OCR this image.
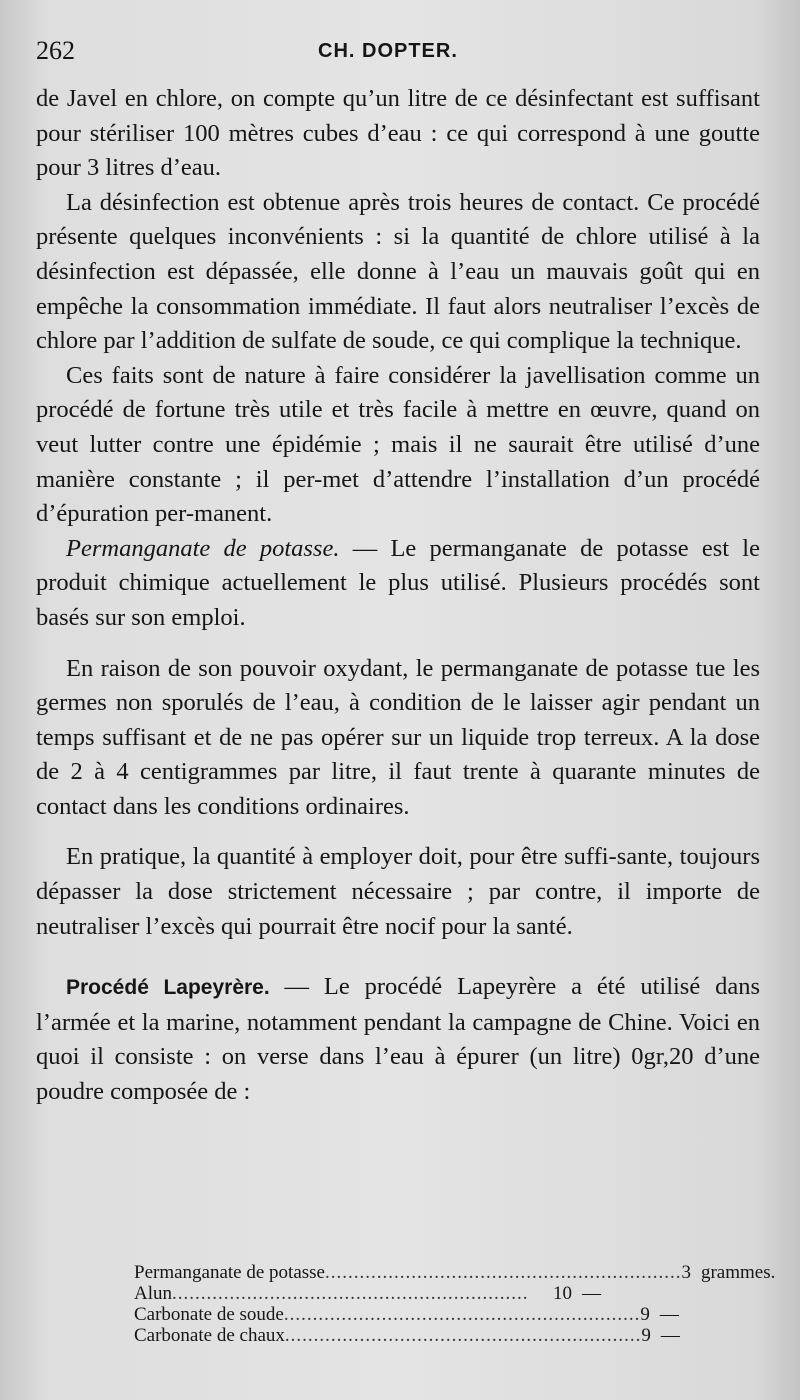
262	CH. DOPTER.

de Javel en chlore, on compte qu’un litre de ce désinfectant est suffisant pour stériliser 100 mètres cubes d’eau : ce qui correspond à une goutte pour 3 litres d’eau.

La désinfection est obtenue après trois heures de contact. Ce procédé présente quelques inconvénients : si la quantité de chlore utilisé à la désinfection est dépassée, elle donne à l’eau un mauvais goût qui en empêche la consommation immédiate. Il faut alors neutraliser l’excès de chlore par l’addition de sulfate de soude, ce qui complique la technique.

Ces faits sont de nature à faire considérer la javellisation comme un procédé de fortune très utile et très facile à mettre en œuvre, quand on veut lutter contre une épidémie ; mais il ne saurait être utilisé d’une manière constante ; il per-met d’attendre l’installation d’un procédé d’épuration per-manent.

Permanganate de potasse. — Le permanganate de potasse est le produit chimique actuellement le plus utilisé. Plusieurs procédés sont basés sur son emploi.

En raison de son pouvoir oxydant, le permanganate de potasse tue les germes non sporulés de l’eau, à condition de le laisser agir pendant un temps suffisant et de ne pas opérer sur un liquide trop terreux. A la dose de 2 à 4 centigrammes par litre, il faut trente à quarante minutes de contact dans les conditions ordinaires.

En pratique, la quantité à employer doit, pour être suffi-sante, toujours dépasser la dose strictement nécessaire ; par contre, il importe de neutraliser l’excès qui pourrait être nocif pour la santé.

Procédé Lapeyrère. — Le procédé Lapeyrère a été utilisé dans l’armée et la marine, notamment pendant la campagne de Chine. Voici en quoi il consiste : on verse dans l’eau à épurer (un litre) 0gr,20 d’une poudre composée de :

Permanganate de potasse .............................................................. 3 grammes.
Alun ..............................................................	10 —
Carbonate de soude .............................................................. 9 —
Carbonate de chaux .............................................................. 9 —
